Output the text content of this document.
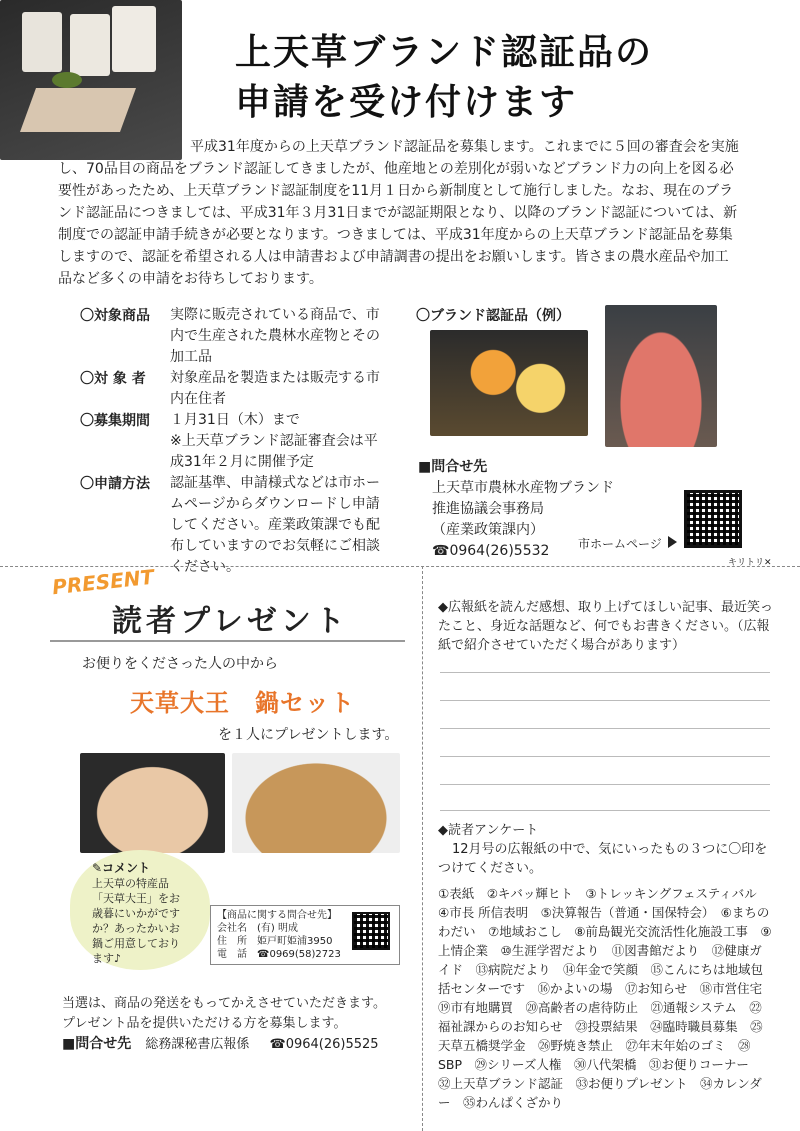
上天草ブランド認証品の
申請を受け付けます
平成31年度からの上天草ブランド認証品を募集します。これまでに５回の審査会を実施し、70品目の商品をブランド認証してきましたが、他産地との差別化が弱いなどブランド力の向上を図る必要性があったため、上天草ブランド認証制度を11月１日から新制度として施行しました。なお、現在のブランド認証品につきましては、平成31年３月31日までが認証期限となり、以降のブランド認証については、新制度での認証申請手続きが必要となります。つきましては、平成31年度からの上天草ブランド認証品を募集しますので、認証を希望される人は申請書および申請調書の提出をお願いします。皆さまの農水産品や加工品など多くの申請をお待ちしております。
〇対象商品	実際に販売されている商品で、市内で生産された農林水産物とその加工品
〇対 象 者	対象産品を製造または販売する市内在住者
〇募集期間	１月31日（木）まで
※上天草ブランド認証審査会は平成31年２月に開催予定
〇申請方法	認証基準、申請様式などは市ホームページからダウンロードし申請してください。産業政策課でも配布していますのでお気軽にご相談ください。
〇ブランド認証品（例）
■問合せ先
上天草市農林水産物ブランド
推進協議会事務局
（産業政策課内）
☎0964(26)5532	市ホームページ
キリトリ✕
PRESENT
読者プレゼント
お便りをくださった人の中から
天草大王　鍋セット
を１人にプレゼントします。
✎コメント
上天草の特産品「天草大王」をお歳暮にいかがですか？あったかいお鍋ご用意しております♪
【商品に関する問合せ先】
会社名　(有) 明成
住　所　姫戸町姫浦3950
電　話　☎0969(58)2723
当選は、商品の発送をもってかえさせていただきます。
プレゼント品を提供いただける方を募集します。
■問合せ先 総務課秘書広報係 ☎0964(26)5525
◆広報紙を読んだ感想、取り上げてほしい記事、最近笑ったこと、身近な話題など、何でもお書きください。（広報紙で紹介させていただく場合があります）
◆読者アンケート
12月号の広報紙の中で、気にいったもの３つに〇印をつけてください。
①表紙　②キバッ輝ヒト　③トレッキングフェスティバル　④市長 所信表明　⑤決算報告（普通・国保特会）　⑥まちのわだい　⑦地域おこし　⑧前島観光交流活性化施設工事　⑨上情企業　⑩生涯学習だより　⑪図書館だより　⑫健康ガイド　⑬病院だより　⑭年金で笑顔　⑮こんにちは地域包括センターです　⑯かよいの場　⑰お知らせ　⑱市営住宅　⑲市有地購買　⑳高齢者の虐待防止　㉑通報システム　㉒福祉課からのお知らせ　㉓投票結果　㉔臨時職員募集　㉕天草五橋奨学金　㉖野焼き禁止　㉗年末年始のゴミ　㉘ SBP　㉙シリーズ人権　㉚八代架橋　㉛お便りコーナー　㉜上天草ブランド認証　㉝お便りプレゼント　㉞カレンダー　㉟わんぱくざかり
